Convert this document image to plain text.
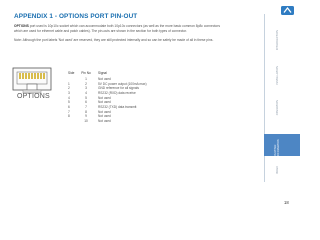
APPENDIX 1 - OPTIONS PORT PIN-OUT

OPTIONS port used is 10p10c socket which can accommodate both 10p10c connectors (as well as the more basic common 8p8c connectors which are used for ethernet cable and patch cables). The pin-outs are shown in the section for both types of connector.

Note: Although the port labels 'Not used' are reserved, they are still protected internally and so can be safely be made of all in these pins.

OPTIONS
Side	Pin No	Signal
	1	Not used
1	2	5V DC power output (100mA max)
2	3	GND reference for all signals
3	4	RS232 (RXD) data receive
4	5	Not used
5	6	Not used
6	7	RS232 (TXD) data transmit
7	8	Not used
8	9	Not used
	10	Not used
INTRODUCTION
INSTALLATION
OPERATION
FURTHER INFORMATION
INDEX
18
